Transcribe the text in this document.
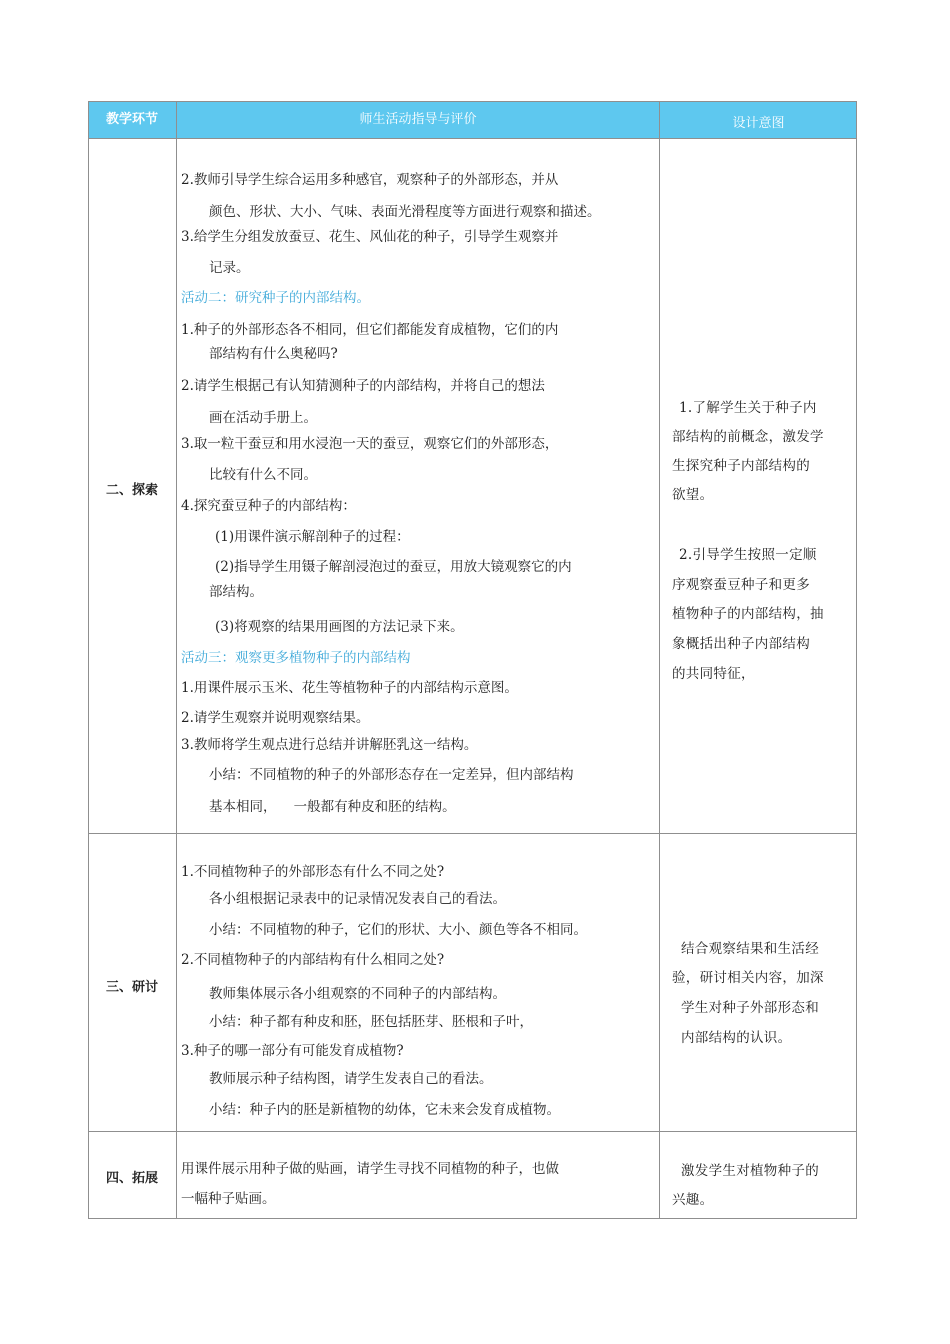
教学环节	师生活动指导与评价	设计意图
二、探索
三、研讨
四、拓展
2.教师引导学生综合运用多种感官，观察种子的外部形态，并从
颜色、形状、大小、气味、表面光滑程度等方面进行观察和描述。
3.给学生分组发放蚕豆、花生、风仙花的种子，引导学生观察并
记录。
活动二：研究种子的内部结构。
1.种子的外部形态各不相同，但它们都能发育成植物，它们的内
部结构有什么奥秘吗?
2.请学生根据己有认知猜测种子的内部结构，并将自己的想法
画在活动手册上。
3.取一粒干蚕豆和用水浸泡一天的蚕豆，观察它们的外部形态，
比较有什么不同。
4.探究蚕豆种子的内部结构：
(1)用课件演示解剖种子的过程：
(2)指导学生用镊子解剖浸泡过的蚕豆，用放大镜观察它的内
部结构。
(3)将观察的结果用画图的方法记录下来。
活动三：观察更多植物种子的内部结构
1.用课件展示玉米、花生等植物种子的内部结构示意图。
2.请学生观察并说明观察结果。
3.教师将学生观点进行总结并讲解胚乳这一结构。
小结：不同植物的种子的外部形态存在一定差异，但内部结构
基本相同，    一般都有种皮和胚的结构。
1.了解学生关于种子内
部结构的前概念，激发学
生探究种子内部结构的
欲望。
2.引导学生按照一定顺
序观察蚕豆种子和更多
植物种子的内部结构，抽
象概括出种子内部结构
的共同特征，
1.不同植物种子的外部形态有什么不同之处?
各小组根据记录表中的记录情况发表自己的看法。
小结：不同植物的种子，它们的形状、大小、颜色等各不相同。
2.不同植物种子的内部结构有什么相同之处?
教师集体展示各小组观察的不同种子的内部结构。
小结：种子都有种皮和胚，胚包括胚芽、胚根和子叶，
3.种子的哪一部分有可能发育成植物?
教师展示种子结构图，请学生发表自己的看法。
小结：种子内的胚是新植物的幼体，它未来会发育成植物。
结合观察结果和生活经
验，研讨相关内容，加深
学生对种子外部形态和
内部结构的认识。
用课件展示用种子做的贴画，请学生寻找不同植物的种子，也做
一幅种子贴画。
激发学生对植物种子的
兴趣。
